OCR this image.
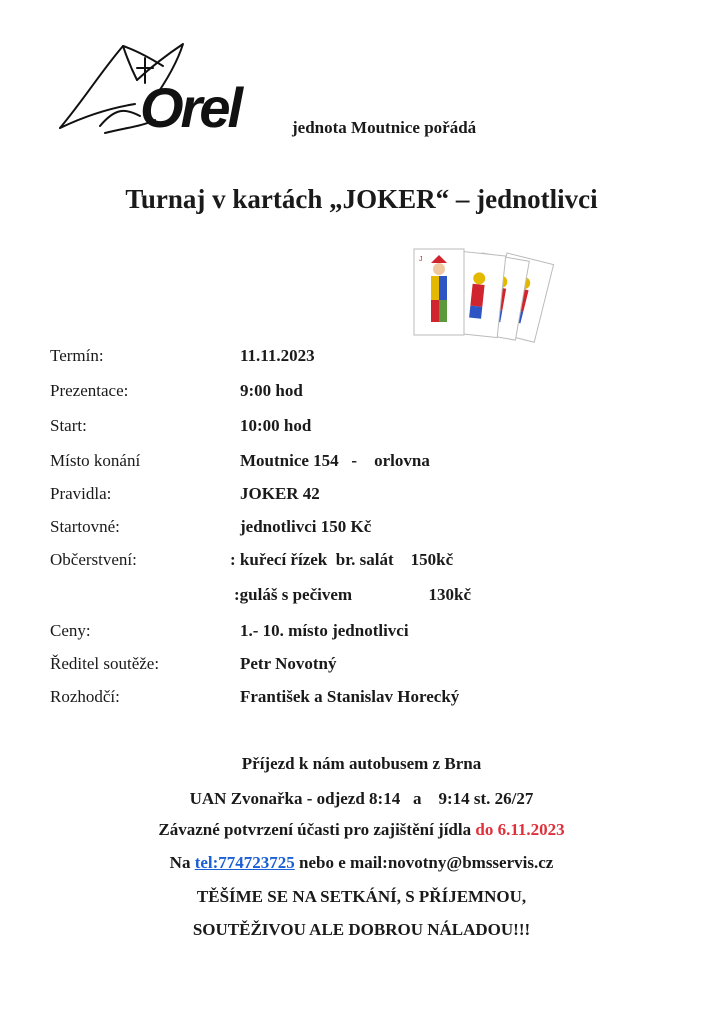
Orel	jednota Moutnice pořádá
Turnaj v kartách „JOKER“ – jednotlivci
J
Termín:	11.11.2023
Prezentace:	9:00 hod
Start:	10:00 hod
Místo konání	Moutnice 154   -    orlovna
Pravidla:	JOKER 42
Startovné:	jednotlivci 150 Kč
Občerstvení:	: kuřecí řízek  br. salát    150kč
:guláš s pečivem                  130kč
Ceny:	1.- 10. místo jednotlivci
Ředitel soutěže:	Petr Novotný
Rozhodčí:	František a Stanislav Horecký
Příjezd k nám autobusem z Brna
UAN Zvonařka - odjezd 8:14   a    9:14 st. 26/27
Závazné potvrzení účasti pro zajištění jídla do 6.11.2023
Na tel:774723725 nebo e mail:novotny@bmsservis.cz
TĚŠÍME SE NA SETKÁNÍ, S PŘÍJEMNOU,
SOUTĚŽIVOU ALE DOBROU NÁLADOU!!!
